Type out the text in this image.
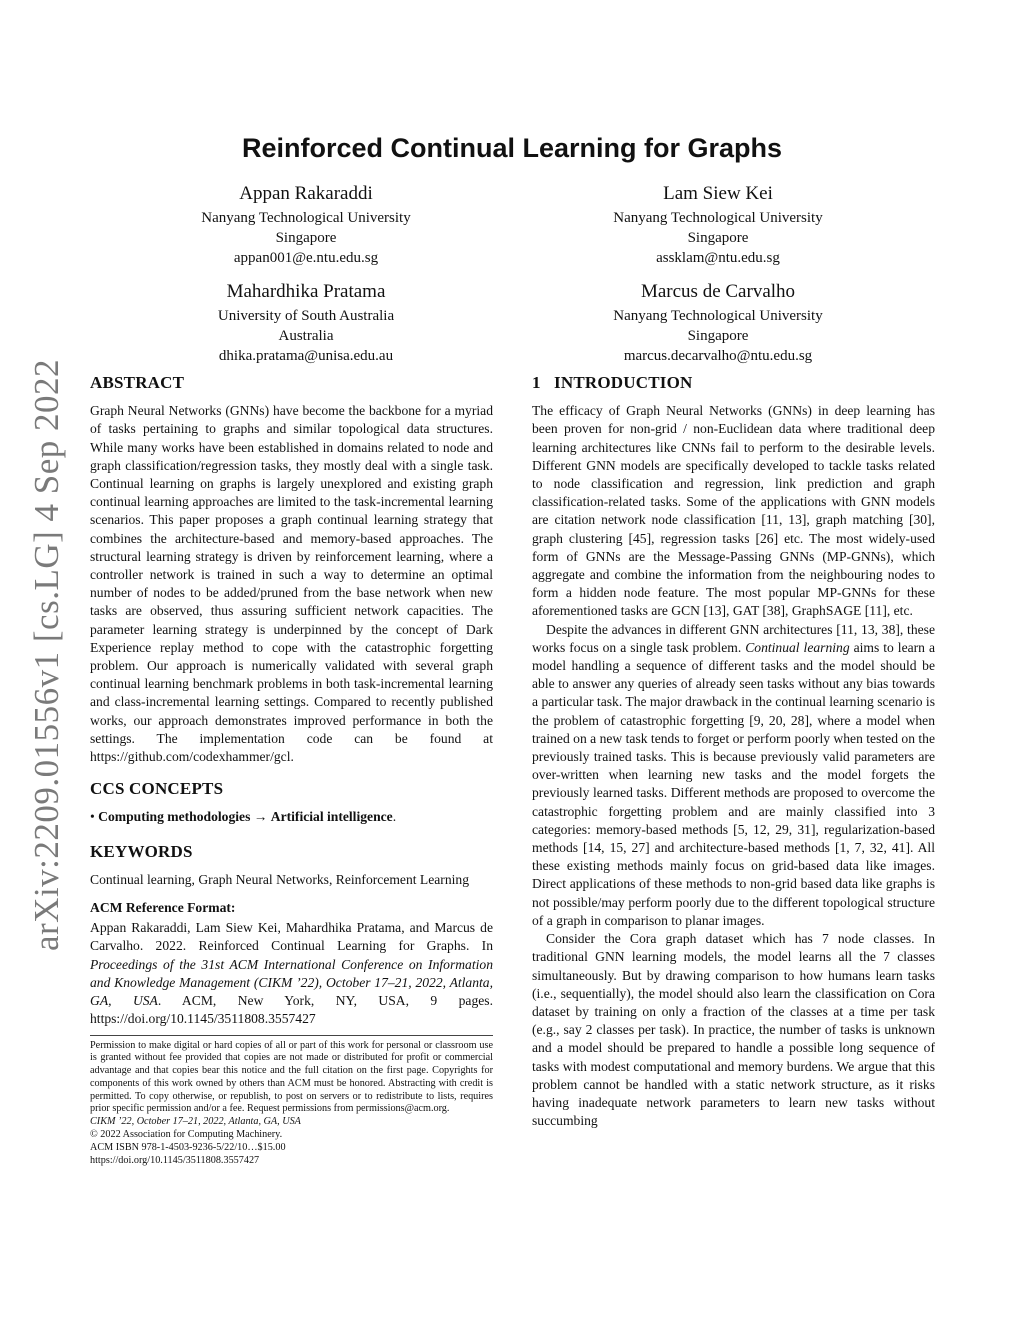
arXiv:2209.01556v1 [cs.LG] 4 Sep 2022
Reinforced Continual Learning for Graphs
Appan Rakaraddi
Nanyang Technological University
Singapore
appan001@e.ntu.edu.sg
Lam Siew Kei
Nanyang Technological University
Singapore
assklam@ntu.edu.sg
Mahardhika Pratama
University of South Australia
Australia
dhika.pratama@unisa.edu.au
Marcus de Carvalho
Nanyang Technological University
Singapore
marcus.decarvalho@ntu.edu.sg
ABSTRACT

Graph Neural Networks (GNNs) have become the backbone for a myriad of tasks pertaining to graphs and similar topological data structures. While many works have been established in domains related to node and graph classification/regression tasks, they mostly deal with a single task. Continual learning on graphs is largely unexplored and existing graph continual learning approaches are limited to the task-incremental learning scenarios. This paper proposes a graph continual learning strategy that combines the architecture-based and memory-based approaches. The structural learning strategy is driven by reinforcement learning, where a controller network is trained in such a way to determine an optimal number of nodes to be added/pruned from the base network when new tasks are observed, thus assuring sufficient network capacities. The parameter learning strategy is underpinned by the concept of Dark Experience replay method to cope with the catastrophic forgetting problem. Our approach is numerically validated with several graph continual learning benchmark problems in both task-incremental learning and class-incremental learning settings. Compared to recently published works, our approach demonstrates improved performance in both the settings. The implementation code can be found at https://github.com/codexhammer/gcl.

CCS CONCEPTS

• Computing methodologies → Artificial intelligence.

KEYWORDS

Continual learning, Graph Neural Networks, Reinforcement Learning

ACM Reference Format:

Appan Rakaraddi, Lam Siew Kei, Mahardhika Pratama, and Marcus de Carvalho. 2022. Reinforced Continual Learning for Graphs. In Proceedings of the 31st ACM International Conference on Information and Knowledge Management (CIKM ’22), October 17–21, 2022, Atlanta, GA, USA. ACM, New York, NY, USA, 9 pages. https://doi.org/10.1145/3511808.3557427

Permission to make digital or hard copies of all or part of this work for personal or classroom use is granted without fee provided that copies are not made or distributed for profit or commercial advantage and that copies bear this notice and the full citation on the first page. Copyrights for components of this work owned by others than ACM must be honored. Abstracting with credit is permitted. To copy otherwise, or republish, to post on servers or to redistribute to lists, requires prior specific permission and/or a fee. Request permissions from permissions@acm.org.
CIKM ’22, October 17–21, 2022, Atlanta, GA, USA
© 2022 Association for Computing Machinery.
ACM ISBN 978-1-4503-9236-5/22/10…$15.00
https://doi.org/10.1145/3511808.3557427
1   INTRODUCTION

The efficacy of Graph Neural Networks (GNNs) in deep learning has been proven for non-grid / non-Euclidean data where traditional deep learning architectures like CNNs fail to perform to the desirable levels. Different GNN models are specifically developed to tackle tasks related to node classification and regression, link prediction and graph classification-related tasks. Some of the applications with GNN models are citation network node classification [11, 13], graph matching [30], graph clustering [45], regression tasks [26] etc. The most widely-used form of GNNs are the Message-Passing GNNs (MP-GNNs), which aggregate and combine the information from the neighbouring nodes to form a hidden node feature. The most popular MP-GNNs for these aforementioned tasks are GCN [13], GAT [38], GraphSAGE [11], etc.

Despite the advances in different GNN architectures [11, 13, 38], these works focus on a single task problem. Continual learning aims to learn a model handling a sequence of different tasks and the model should be able to answer any queries of already seen tasks without any bias towards a particular task. The major drawback in the continual learning scenario is the problem of catastrophic forgetting [9, 20, 28], where a model when trained on a new task tends to forget or perform poorly when tested on the previously trained tasks. This is because previously valid parameters are over-written when learning new tasks and the model forgets the previously learned tasks. Different methods are proposed to overcome the catastrophic forgetting problem and are mainly classified into 3 categories: memory-based methods [5, 12, 29, 31], regularization-based methods [14, 15, 27] and architecture-based methods [1, 7, 32, 41]. All these existing methods mainly focus on grid-based data like images. Direct applications of these methods to non-grid based data like graphs is not possible/may perform poorly due to the different topological structure of a graph in comparison to planar images.

Consider the Cora graph dataset which has 7 node classes. In traditional GNN learning models, the model learns all the 7 classes simultaneously. But by drawing comparison to how humans learn tasks (i.e., sequentially), the model should also learn the classification on Cora dataset by training on only a fraction of the classes at a time per task (e.g., say 2 classes per task). In practice, the number of tasks is unknown and a model should be prepared to handle a possible long sequence of tasks with modest computational and memory burdens. We argue that this problem cannot be handled with a static network structure, as it risks having inadequate network parameters to learn new tasks without succumbing
